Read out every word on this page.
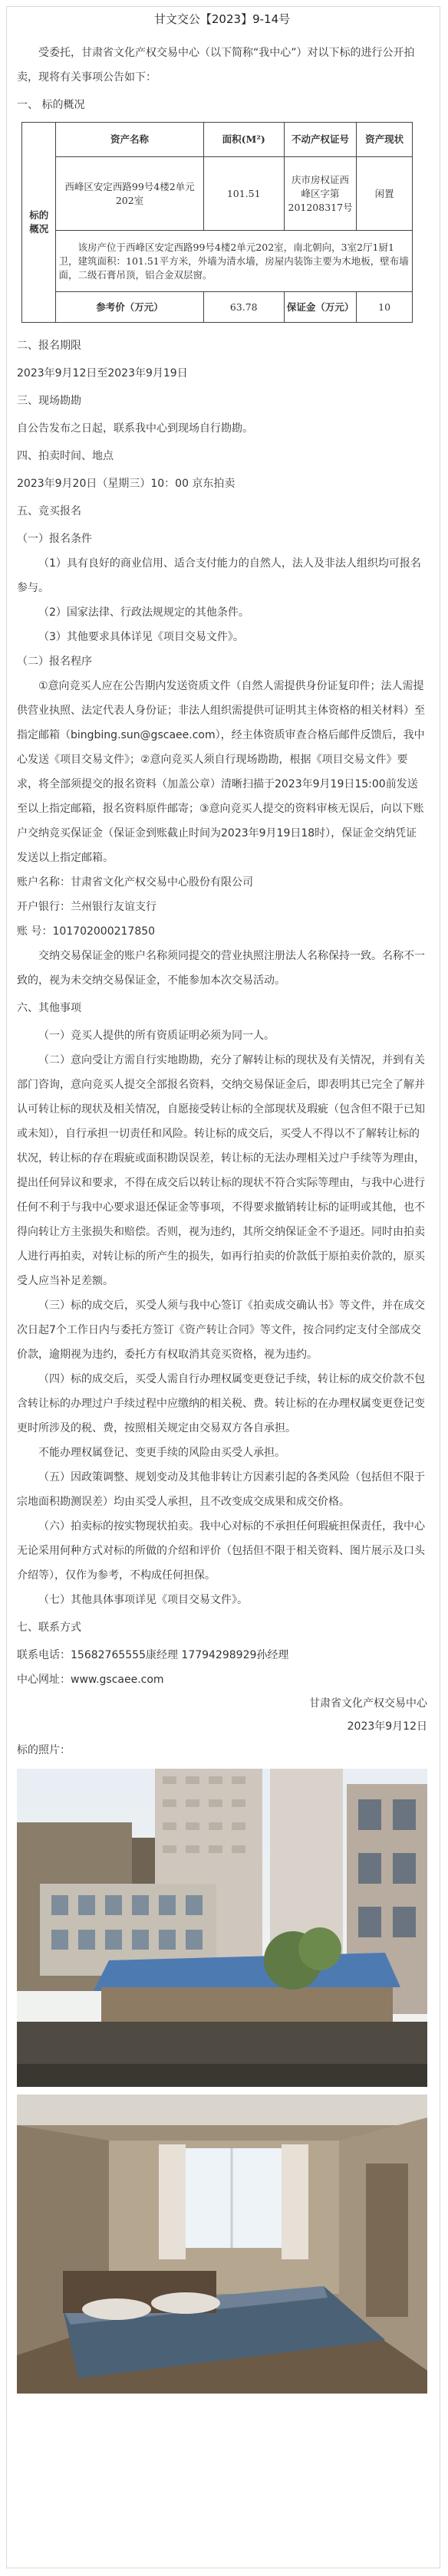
甘文交公【2023】9-14号

受委托，甘肃省文化产权交易中心（以下简称“我中心”）对以下标的进行公开拍卖，现将有关事项公告如下：

一、 标的概况

标的概况	资产名称	面积(M²)	不动产权证号	资产现状
	西峰区安定西路99号4楼2单元202室	101.51	庆市房权证西峰区字第201208317号	闲置
	该房产位于西峰区安定西路99号4楼2单元202室，南北朝向，3室2厅1厨1卫，建筑面积：101.51平方米，外墙为清水墙，房屋内装饰主要为木地板，壁布墙面，二级石膏吊顶，铝合金双层窗。			
	参考价（万元）	63.78	保证金（万元）	10

二、报名期限

2023年9月12日至2023年9月19日

三、现场勘勘

自公告发布之日起，联系我中心到现场自行勘勘。

四、拍卖时间、地点

2023年9月20日（星期三）10：00 京东拍卖

五、竞买报名

（一）报名条件

（1）具有良好的商业信用、适合支付能力的自然人，法人及非法人组织均可报名参与。

（2）国家法律、行政法规规定的其他条件。

（3）其他要求具体详见《项目交易文件》。

（二）报名程序

①意向竞买人应在公告期内发送资质文件（自然人需提供身份证复印件；法人需提供营业执照、法定代表人身份证；非法人组织需提供可证明其主体资格的相关材料）至指定邮箱（bingbing.sun@gscaee.com），经主体资质审查合格后邮件反馈后，我中心发送《项目交易文件》；②意向竞买人须自行现场勘勘，根据《项目交易文件》要求，将全部须提交的报名资料（加盖公章）清晰扫描于2023年9月19日15:00前发送至以上指定邮箱，报名资料原件邮寄；③意向竞买人提交的资料审核无误后，向以下账户交纳竞买保证金（保证金到账截止时间为2023年9月19日18时），保证金交纳凭证发送以上指定邮箱。

账户名称：甘肃省文化产权交易中心股份有限公司

开户银行：兰州银行友谊支行

账 号：101702000217850

交纳交易保证金的账户名称须同提交的营业执照注册法人名称保持一致。名称不一致的，视为未交纳交易保证金，不能参加本次交易活动。

六、其他事项

（一）竞买人提供的所有资质证明必须为同一人。

（二）意向受让方需自行实地勘勘，充分了解转让标的现状及有关情况，并到有关部门咨询，意向竞买人提交全部报名资料，交纳交易保证金后，即表明其已完全了解并认可转让标的现状及相关情况，自愿接受转让标的全部现状及瑕疵（包含但不限于已知或未知），自行承担一切责任和风险。转让标的成交后，买受人不得以不了解转让标的状况，转让标的存在瑕疵或面积勘误误差，转让标的无法办理相关过户手续等为理由，提出任何异议和要求，不得在成交后以转让标的现状不符合实际等理由，与我中心进行任何不利于与我中心要求退还保证金等事项，不得要求撤销转让标的证明或其他，也不得向转让方主张损失和赔偿。否则，视为违约，其所交纳保证金不予退还。同时由拍卖人进行再拍卖，对转让标的所产生的损失，如再行拍卖的价款低于原拍卖价款的，原买受人应当补足差额。

（三）标的成交后，买受人须与我中心签订《拍卖成交确认书》等文件，并在成交次日起7个工作日内与委托方签订《资产转让合同》等文件，按合同约定支付全部成交价款，逾期视为违约，委托方有权取消其竞买资格，视为违约。

（四）标的成交后，买受人需自行办理权属变更登记手续，转让标的成交价款不包含转让标的办理过户手续过程中应缴纳的相关税、费。转让标的在办理权属变更登记变更时所涉及的税、费，按照相关规定由交易双方各自承担。

不能办理权属登记、变更手续的风险由买受人承担。

（五）因政策调整、规划变动及其他非转让方因素引起的各类风险（包括但不限于宗地面积勘测误差）均由买受人承担，且不改变成交成果和成交价格。

（六）拍卖标的按实物现状拍卖。我中心对标的不承担任何瑕疵担保责任，我中心无论采用何种方式对标的所做的介绍和评价（包括但不限于相关资料、图片展示及口头介绍等），仅作为参考，不构成任何担保。

（七）其他具体事项详见《项目交易文件》。

七、联系方式

联系电话：15682765555康经理 17794298929孙经理

中心网址：www.gscaee.com

甘肃省文化产权交易中心
2023年9月12日

标的照片：
